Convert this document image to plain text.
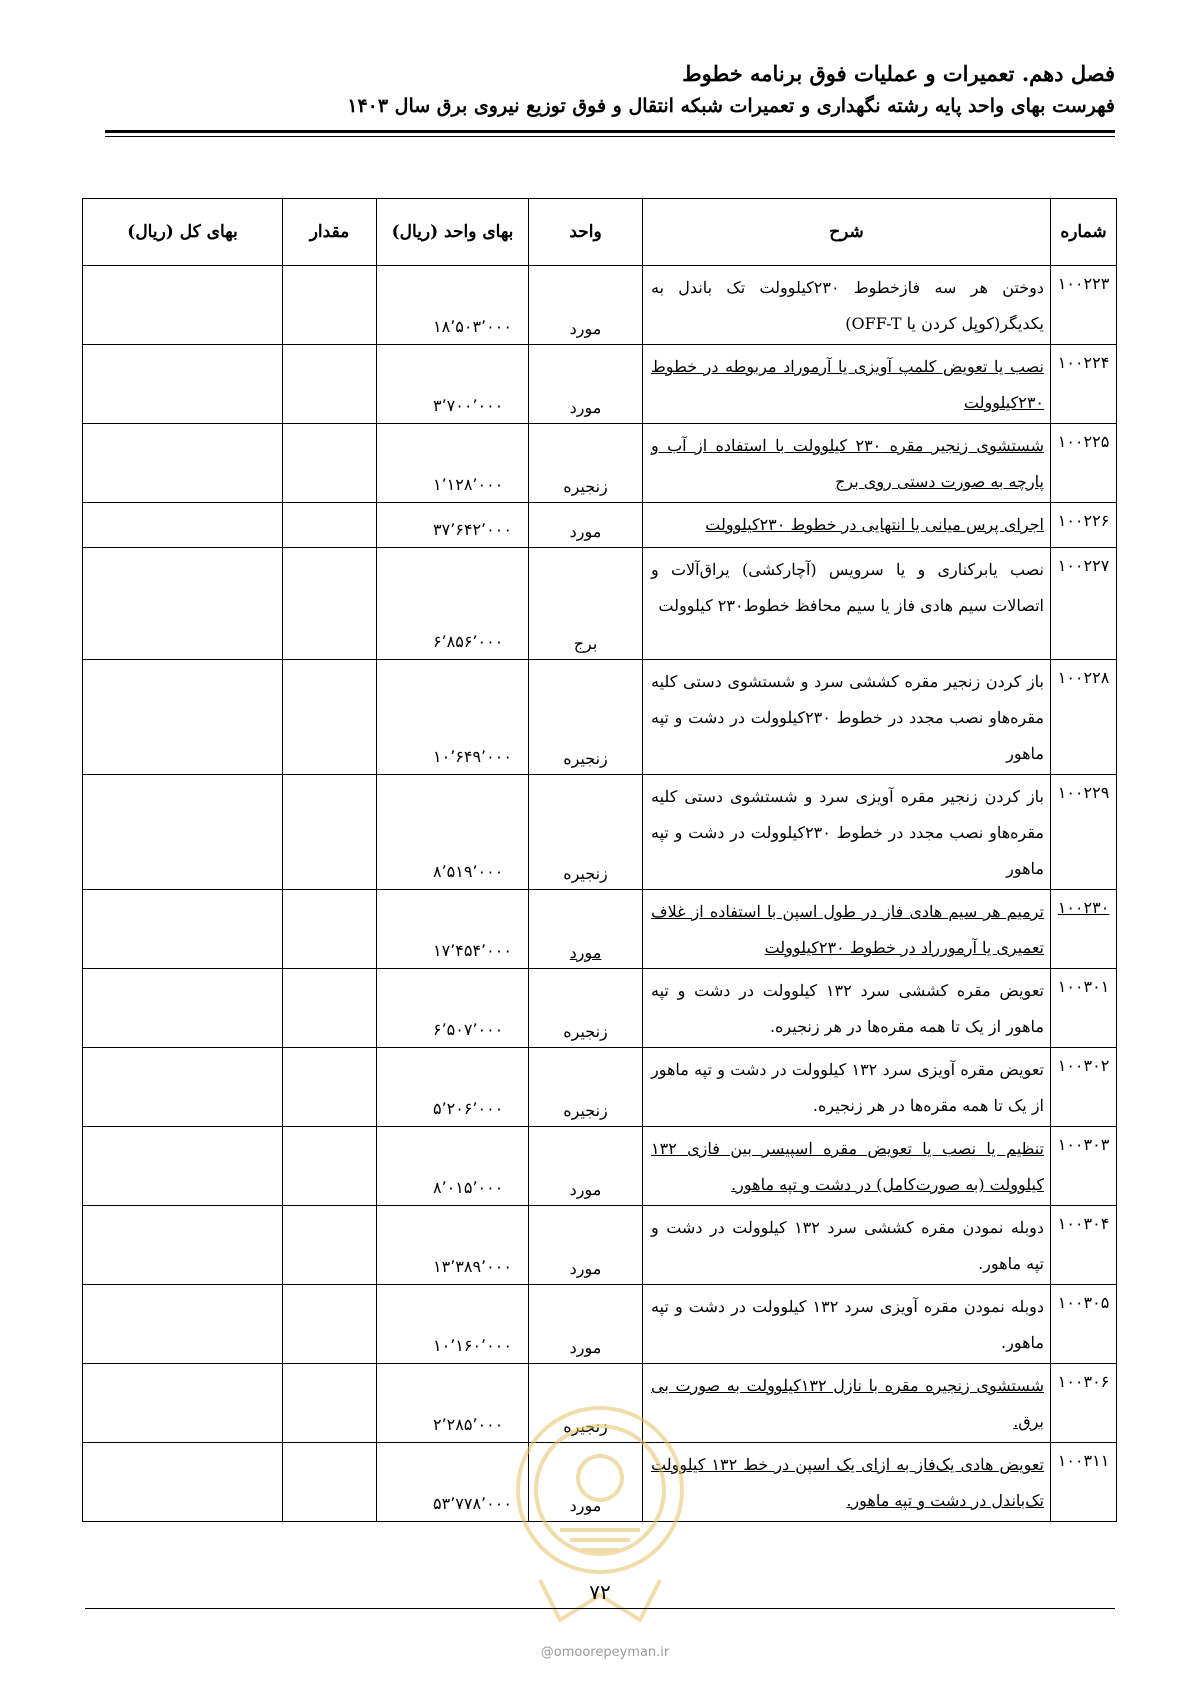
فصل دهم. تعمیرات و عملیات فوق برنامه خطوط
فهرست بهای واحد پایه رشته نگهداری و تعمیرات شبکه انتقال و فوق توزیع نیروی برق سال ۱۴۰۳
شماره	شرح	واحد	بهای واحد (ریال)	مقدار	بهای کل (ریال)
۱۰۰۲۲۳	دوختن هر سه فازخطوط ۲۳۰کیلوولت تک باندل به یکدیگر(کوپل کردن یا OFF-T)	مورد	۱۸٬۵۰۳٬۰۰۰		
۱۰۰۲۲۴	نصب یا تعویض کلمپ آویزی یا آرموراد مربوطه در خطوط ۲۳۰کیلوولت	مورد	۳٬۷۰۰٬۰۰۰		
۱۰۰۲۲۵	شستشوی زنجیر مقره ۲۳۰ کیلوولت با استفاده از آب و پارچه به صورت دستی روی برج	زنجیره	۱٬۱۲۸٬۰۰۰		
۱۰۰۲۲۶	اجرای پرس میانی یا انتهایی در خطوط ۲۳۰کیلوولت	مورد	۳۷٬۶۴۲٬۰۰۰		
۱۰۰۲۲۷	نصب یابرکناری و یا سرویس (آچارکشی) یراق‌آلات و اتصالات سیم هادی فاز یا سیم محافظ خطوط۲۳۰ کیلوولت	برج	۶٬۸۵۶٬۰۰۰		
۱۰۰۲۲۸	باز کردن زنجیر مقره کششی سرد و شستشوی دستی کلیه مقره‌هاو نصب مجدد در خطوط ۲۳۰کیلوولت در دشت و تپه ماهور	زنجیره	۱۰٬۶۴۹٬۰۰۰		
۱۰۰۲۲۹	باز کردن زنجیر مقره آویزی سرد و شستشوی دستی کلیه مقره‌هاو نصب مجدد در خطوط ۲۳۰کیلوولت در دشت و تپه ماهور	زنجیره	۸٬۵۱۹٬۰۰۰		
۱۰۰۲۳۰	ترمیم هر سیم هادی فاز در طول اسپن با استفاده از غلاف تعمیری یا آرمورراد در خطوط ۲۳۰کیلوولت	مورد	۱۷٬۴۵۴٬۰۰۰		
۱۰۰۳۰۱	تعویض مقره کششی سرد ۱۳۲ کیلوولت در دشت و تپه ماهور از یک تا همه مقره‌ها در هر زنجیره.	زنجیره	۶٬۵۰۷٬۰۰۰		
۱۰۰۳۰۲	تعویض مقره آویزی سرد ۱۳۲ کیلوولت در دشت و تپه ماهور از یک تا همه مقره‌ها در هر زنجیره.	زنجیره	۵٬۲۰۶٬۰۰۰		
۱۰۰۳۰۳	تنظیم یا نصب یا تعویض مقره اسپیسر بین فازی ۱۳۲ کیلوولت (به صورت‌کامل) در دشت و تپه ماهور.	مورد	۸٬۰۱۵٬۰۰۰		
۱۰۰۳۰۴	دوبله نمودن مقره کششی سرد ۱۳۲ کیلوولت در دشت و تپه ماهور.	مورد	۱۳٬۳۸۹٬۰۰۰		
۱۰۰۳۰۵	دوبله نمودن مقره آویزی سرد ۱۳۲ کیلوولت در دشت و تپه ماهور.	مورد	۱۰٬۱۶۰٬۰۰۰		
۱۰۰۳۰۶	شستشوی زنجیره مقره با نازل ۱۳۲کیلوولت به صورت بی برق.	زنجیره	۲٬۲۸۵٬۰۰۰		
۱۰۰۳۱۱	تعویض هادی یک‌فاز به ازای یک اسپن در خط ۱۳۲ کیلوولت تک‌باندل در دشت و تپه ماهور.	مورد	۵۳٬۷۷۸٬۰۰۰		
۷۲
@omoorepeyman.ir
